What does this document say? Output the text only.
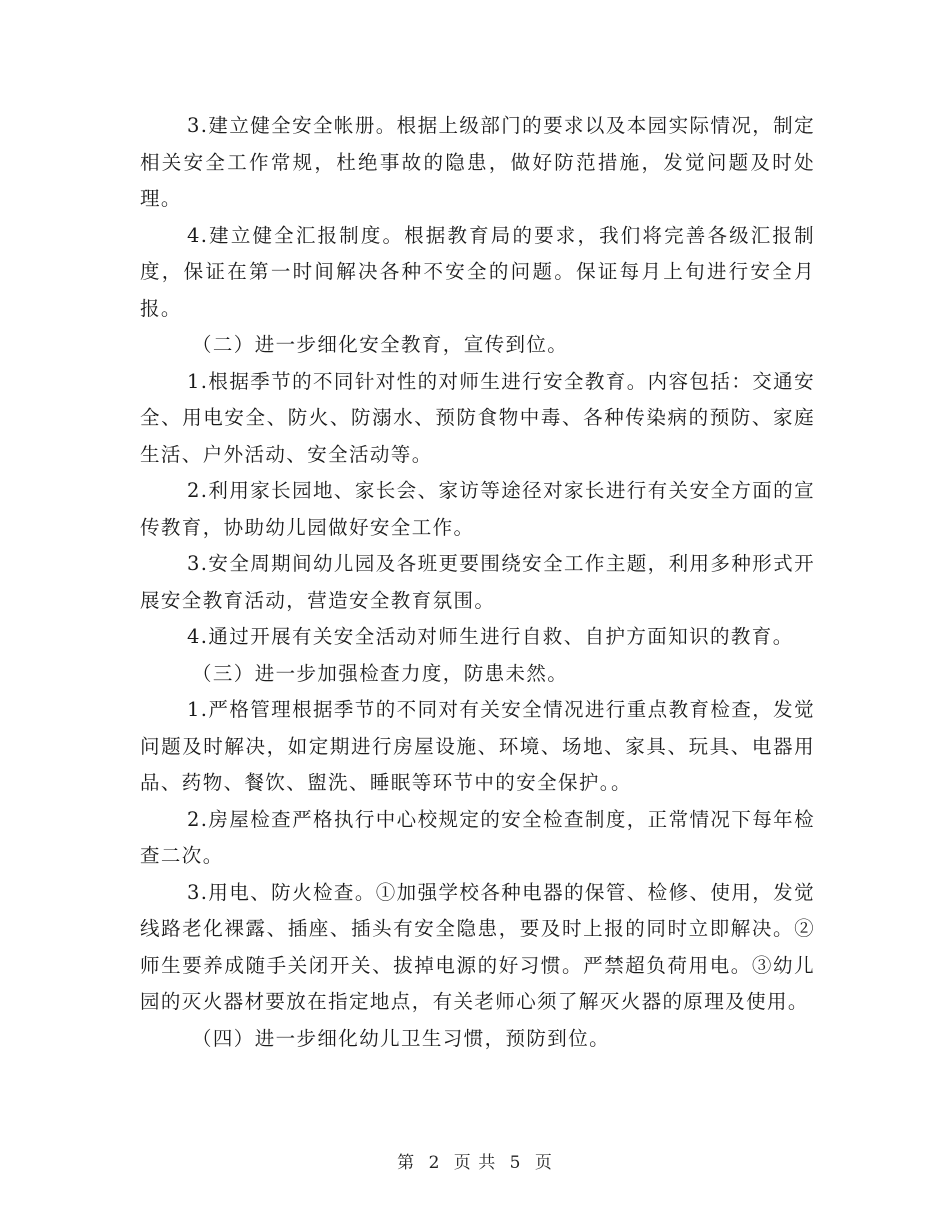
3.建立健全安全帐册。根据上级部门的要求以及本园实际情况，制定相关安全工作常规，杜绝事故的隐患，做好防范措施，发觉问题及时处理。

4.建立健全汇报制度。根据教育局的要求，我们将完善各级汇报制度，保证在第一时间解决各种不安全的问题。保证每月上旬进行安全月报。

（二）进一步细化安全教育，宣传到位。

1.根据季节的不同针对性的对师生进行安全教育。内容包括：交通安全、用电安全、防火、防溺水、预防食物中毒、各种传染病的预防、家庭生活、户外活动、安全活动等。

2.利用家长园地、家长会、家访等途径对家长进行有关安全方面的宣传教育，协助幼儿园做好安全工作。

3.安全周期间幼儿园及各班更要围绕安全工作主题，利用多种形式开展安全教育活动，营造安全教育氛围。

4.通过开展有关安全活动对师生进行自救、自护方面知识的教育。

（三）进一步加强检查力度，防患未然。

1.严格管理根据季节的不同对有关安全情况进行重点教育检查，发觉问题及时解决，如定期进行房屋设施、环境、场地、家具、玩具、电器用品、药物、餐饮、盥洗、睡眠等环节中的安全保护。。

2.房屋检查严格执行中心校规定的安全检查制度，正常情况下每年检查二次。

3.用电、防火检查。①加强学校各种电器的保管、检修、使用，发觉线路老化裸露、插座、插头有安全隐患，要及时上报的同时立即解决。②师生要养成随手关闭开关、拔掉电源的好习惯。严禁超负荷用电。③幼儿园的灭火器材要放在指定地点，有关老师心须了解灭火器的原理及使用。

（四）进一步细化幼儿卫生习惯，预防到位。

第 2 页 共 5 页
